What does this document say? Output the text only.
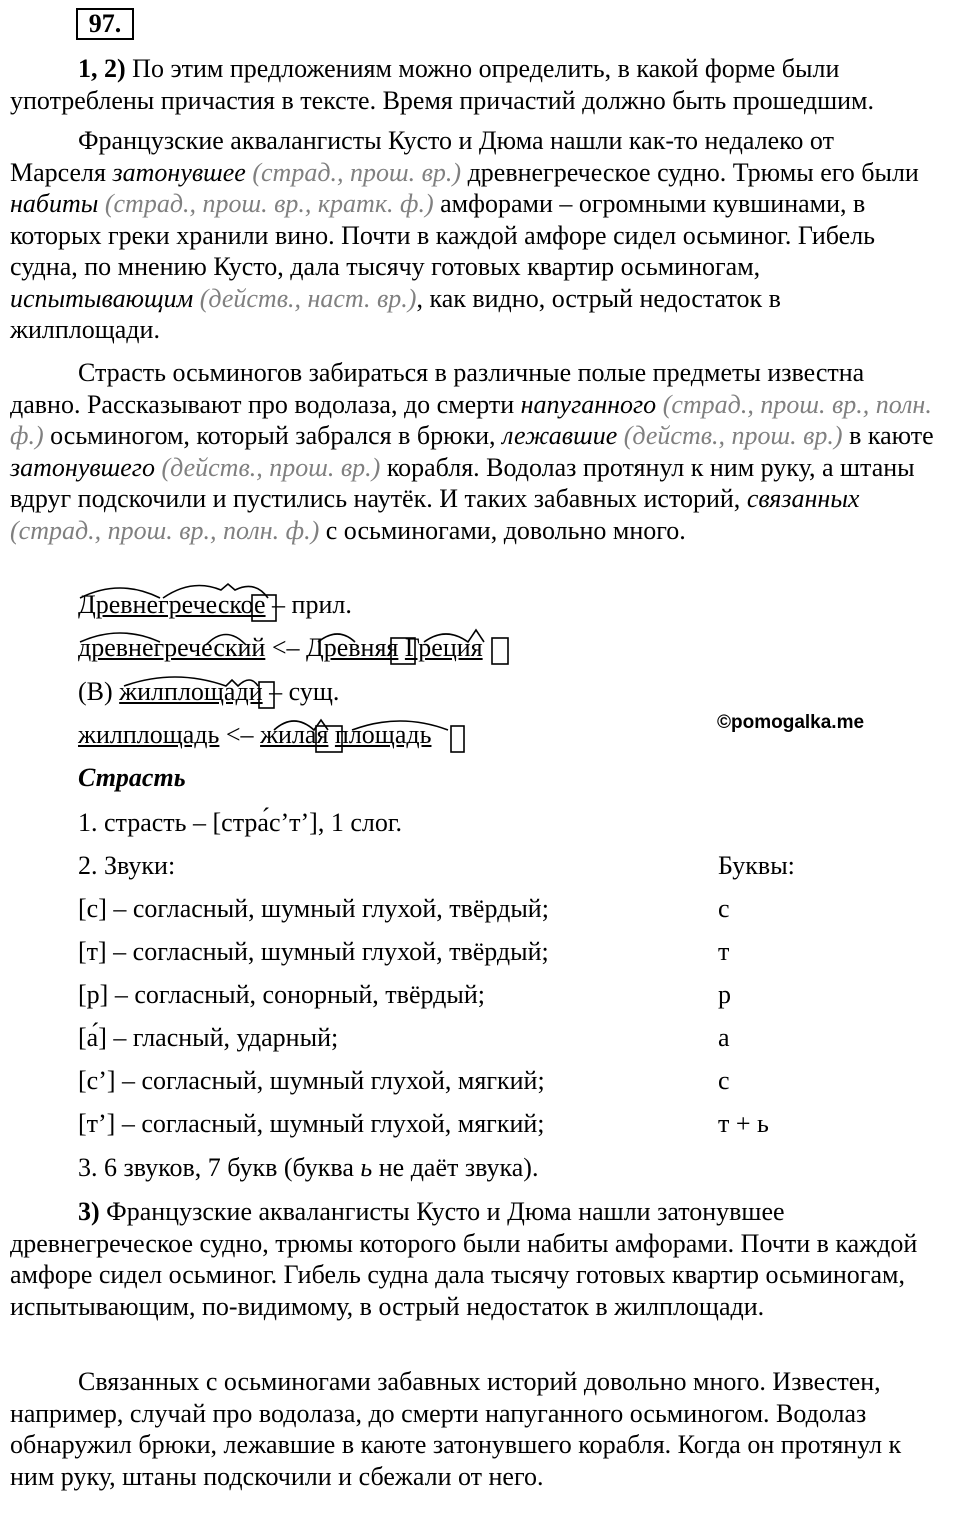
97.

1, 2) По этим предложениям можно определить, в какой форме были употреблены причастия в тексте. Время причастий должно быть прошедшим.

Французские аквалангисты Кусто и Дюма нашли как-то недалеко от Марселя затонувшее (страд., прош. вр.) древнегреческое судно. Трюмы его были набиты (страд., прош. вр., кратк. ф.) амфорами – огромными кувшинами, в которых греки хранили вино. Почти в каждой амфоре сидел осьминог. Гибель судна, по мнению Кусто, дала тысячу готовых квартир осьминогам, испытывающим (действ., наст. вр.), как видно, острый недостаток в жилплощади.

Страсть осьминогов забираться в различные полые предметы известна давно. Рассказывают про водолаза, до смерти напуганного (страд., прош. вр., полн. ф.) осьминогом, который забрался в брюки, лежавшие (действ., прош. вр.) в каюте затонувшего (действ., прош. вр.) корабля. Водолаз протянул к ним руку, а штаны вдруг подскочили и пустились наутёк. И таких забавных историй, связанных (страд., прош. вр., полн. ф.) с осьминогами, довольно много.

Древнегреческое – прил.
древнегреческий <– Древняя Греция
(В) жилплощади – сущ.
жилплощадь <– жилая площадь	©pomogalka.me
Страсть
1. страсть – [стра́с’т’], 1 слог.
2. Звуки:	Буквы:
[с] – согласный, шумный глухой, твёрдый;	с
[т] – согласный, шумный глухой, твёрдый;	т
[р] – согласный, сонорный, твёрдый;	р
[а́] – гласный, ударный;	а
[с’] – согласный, шумный глухой, мягкий;	с
[т’] – согласный, шумный глухой, мягкий;	т + ь
3. 6 звуков, 7 букв (буква ь не даёт звука).

3) Французские аквалангисты Кусто и Дюма нашли затонувшее древнегреческое судно, трюмы которого были набиты амфорами. Почти в каждой амфоре сидел осьминог. Гибель судна дала тысячу готовых квартир осьминогам, испытывающим, по-видимому, в острый недостаток в жилплощади.

Связанных с осьминогами забавных историй довольно много. Известен, например, случай про водолаза, до смерти напуганного осьминогом. Водолаз обнаружил брюки, лежавшие в каюте затонувшего корабля. Когда он протянул к ним руку, штаны подскочили и сбежали от него.
